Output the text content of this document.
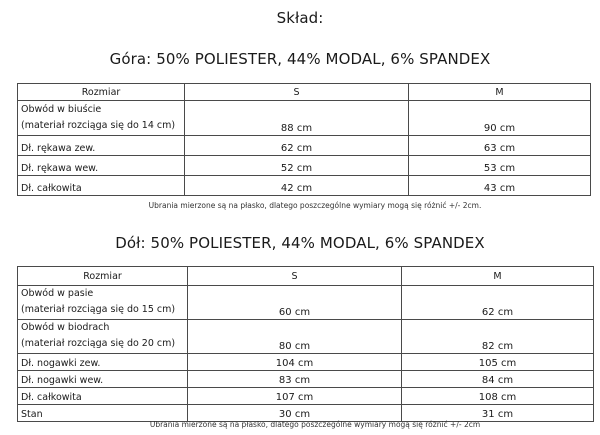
Skład:
Góra: 50% POLIESTER, 44% MODAL, 6% SPANDEX
Rozmiar	S	M

Obwód w biuście
(materiał rozciąga się do 14 cm)	88 cm	90 cm
Dł. rękawa zew.	62 cm	63 cm
Dł. rękawa wew.	52 cm	53 cm
Dł. całkowita	42 cm	43 cm
Ubrania mierzone są na płasko, dlatego poszczególne wymiary mogą się różnić +/- 2cm.
Dół: 50% POLIESTER, 44% MODAL, 6% SPANDEX
Rozmiar	S	M

Obwód w pasie
(materiał rozciąga się do 15 cm)	60 cm	62 cm

Obwód w biodrach
(materiał rozciąga się do 20 cm)	80 cm	82 cm
Dł. nogawki zew.	104 cm	105 cm
Dł. nogawki wew.	83 cm	84 cm
Dł. całkowita	107 cm	108 cm
Stan	30 cm	31 cm
Ubrania mierzone są na płasko, dlatego poszczególne wymiary mogą się różnić +/- 2cm
